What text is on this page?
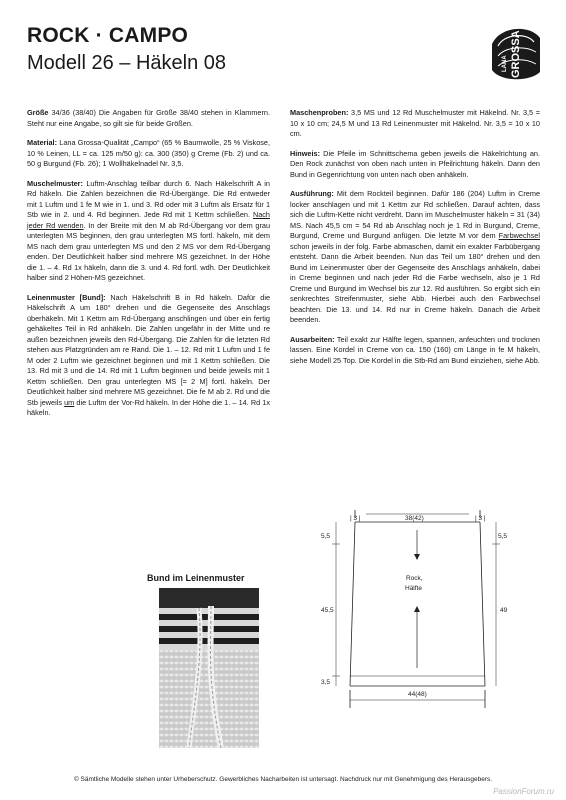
ROCK · CAMPO
Modell 26 – Häkeln 08	LANA GROSSA

Größe 34/36 (38/40) Die Angaben für Größe 38/40 stehen in Klammern. Steht nur eine Angabe, so gilt sie für beide Größen.

Material: Lana Grossa-Qualität „Campo“ (65 % Baumwolle, 25 % Viskose, 10 % Leinen, LL = ca. 125 m/50 g): ca. 300 (350) g Creme (Fb. 2) und ca. 50 g Burgund (Fb. 26); 1 Wollhäkelnadel Nr. 3,5.

Muschelmuster: Luftm-Anschlag teilbar durch 6. Nach Häkelschrift A in Rd häkeln. Die Zahlen bezeichnen die Rd-Übergänge. Die Rd entweder mit 1 Luftm und 1 fe M wie in 1. und 3. Rd oder mit 3 Luftm als Ersatz für 1 Stb wie in 2. und 4. Rd beginnen. Jede Rd mit 1 Kettm schließen. Nach jeder Rd wenden. In der Breite mit den M ab Rd-Übergang vor dem grau unterlegten MS beginnen, den grau unterlegten MS fortl. häkeln, mit dem MS nach dem grau unterlegten MS und den 2 MS vor dem Rd-Übergang enden. Der Deutlichkeit halber sind mehrere MS gezeichnet. In der Höhe die 1. – 4. Rd 1x häkeln, dann die 3. und 4. Rd fortl. wdh. Der Deutlichkeit halber sind 2 Höhen-MS gezeichnet.

Leinenmuster [Bund]: Nach Häkelschrift B in Rd häkeln. Dafür die Häkelschrift A um 180° drehen und die Gegenseite des Anschlags überhäkeln. Mit 1 Kettm am Rd-Übergang anschlingen und über ein fertig gehäkeltes Teil in Rd anhäkeln. Die Zahlen ungefähr in der Mitte und re außen bezeichnen jeweils den Rd-Übergang. Die Zahlen für die letzten Rd stehen aus Platzgründen am re Rand. Die 1. – 12. Rd mit 1 Luftm und 1 fe M oder 2 Luftm wie gezeichnet beginnen und mit 1 Kettm schließen. Die 13. Rd mit 3 und die 14. Rd mit 1 Luftm beginnen und beide jeweils mit 1 Kettm schließen. Den grau unterlegten MS [= 2 M] fortl. häkeln. Der Deutlichkeit halber sind mehrere MS gezeichnet. Die fe M ab 2. Rd und die Stb jeweils um die Luftm der Vor-Rd häkeln. In der Höhe die 1. – 14. Rd 1x häkeln.

Maschenproben: 3,5 MS und 12 Rd Muschelmuster mit Häkelnd. Nr. 3,5 = 10 x 10 cm; 24,5 M und 13 Rd Leinenmuster mit Häkelnd. Nr. 3,5 = 10 x 10 cm.

Hinweis: Die Pfeile im Schnittschema geben jeweils die Häkelrichtung an. Den Rock zunächst von oben nach unten in Pfeilrichtung häkeln. Dann den Bund in Gegenrichtung von unten nach oben anhäkeln.

Ausführung: Mit dem Rockteil beginnen. Dafür 186 (204) Luftm in Creme locker anschlagen und mit 1 Kettm zur Rd schließen. Darauf achten, dass sich die Luftm-Kette nicht verdreht. Dann im Muschelmuster häkeln = 31 (34) MS. Nach 45,5 cm = 54 Rd ab Anschlag noch je 1 Rd in Burgund, Creme, Burgund, Creme und Burgund anfügen. Die letzte M vor dem Farbwechsel schon jeweils in der folg. Farbe abmaschen, damit ein exakter Farbübergang entsteht. Dann die Arbeit beenden. Nun das Teil um 180° drehen und den Bund im Leinenmuster über der Gegenseite des Anschlags anhäkeln, dabei in Creme beginnen und nach jeder Rd die Farbe wechseln, also je 1 Rd Creme und Burgund im Wechsel bis zur 12. Rd ausführen. So ergibt sich ein senkrechtes Streifenmuster, siehe Abb. Hierbei auch den Farbwechsel beachten. Die 13. und 14. Rd nur in Creme häkeln. Danach die Arbeit beenden.

Ausarbeiten: Teil exakt zur Hälfte legen, spannen, anfeuchten und trocknen lassen. Eine Kordel in Creme von ca. 150 (160) cm Länge in fe M häkeln, siehe Modell 25 Top. Die Kordel in die Stb-Rd am Bund einziehen, siehe Abb.

Bund im Leinenmuster
| 3 |	38(42)	| 3 |
5,5
45,5
3,5
5,5
49
Rock,
Hälfte
44(48)
© Sämtliche Modelle stehen unter Urheberschutz. Gewerbliches Nacharbeiten ist untersagt. Nachdruck nur mit Genehmigung des Herausgebers.
PassionForum.ru
